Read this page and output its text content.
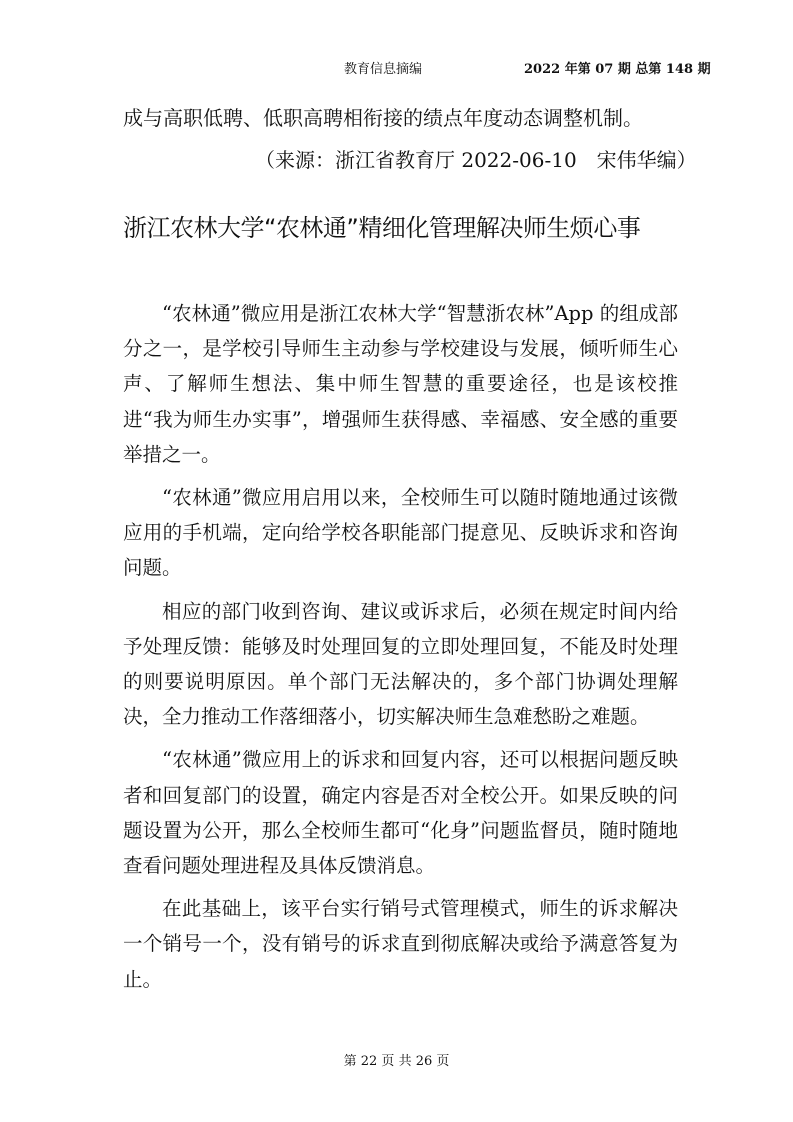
教育信息摘编	2022 年第 07 期 总第 148 期
成与高职低聘、低职高聘相衔接的绩点年度动态调整机制。
（来源：浙江省教育厅 2022-06-10　宋伟华编）
浙江农林大学“农林通”精细化管理解决师生烦心事

“农林通”微应用是浙江农林大学“智慧浙农林”App 的组成部分之一，是学校引导师生主动参与学校建设与发展，倾听师生心声、了解师生想法、集中师生智慧的重要途径，也是该校推进“我为师生办实事”，增强师生获得感、幸福感、安全感的重要举措之一。

“农林通”微应用启用以来，全校师生可以随时随地通过该微应用的手机端，定向给学校各职能部门提意见、反映诉求和咨询问题。

相应的部门收到咨询、建议或诉求后，必须在规定时间内给予处理反馈：能够及时处理回复的立即处理回复，不能及时处理的则要说明原因。单个部门无法解决的，多个部门协调处理解决，全力推动工作落细落小，切实解决师生急难愁盼之难题。

“农林通”微应用上的诉求和回复内容，还可以根据问题反映者和回复部门的设置，确定内容是否对全校公开。如果反映的问题设置为公开，那么全校师生都可“化身”问题监督员，随时随地查看问题处理进程及具体反馈消息。

在此基础上，该平台实行销号式管理模式，师生的诉求解决一个销号一个，没有销号的诉求直到彻底解决或给予满意答复为止。

第 22 页 共 26 页
